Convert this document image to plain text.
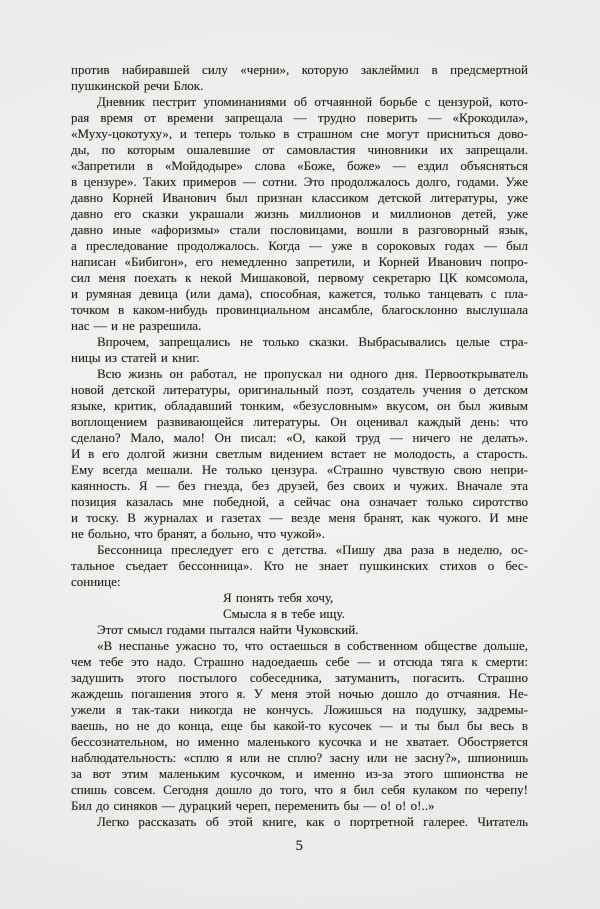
против набиравшей силу «черни», которую заклеймил в предсмертной
пушкинской речи Блок.
Дневник пестрит упоминаниями об отчаянной борьбе с цензурой, кото-
рая время от времени запрещала — трудно поверить — «Крокодила»,
«Муху-цокотуху», и теперь только в страшном сне могут присниться дово-
ды, по которым ошалевшие от самовластия чиновники их запрещали.
«Запретили в «Мойдодыре» слова «Боже, боже» — ездил объясняться
в цензуре». Таких примеров — сотни. Это продолжалось долго, годами. Уже
давно Корней Иванович был признан классиком детской литературы, уже
давно его сказки украшали жизнь миллионов и миллионов детей, уже
давно иные «афоризмы» стали пословицами, вошли в разговорный язык,
а преследование продолжалось. Когда — уже в сороковых годах — был
написан «Бибигон», его немедленно запретили, и Корней Иванович попро-
сил меня поехать к некой Мишаковой, первому секретарю ЦК комсомола,
и румяная девица (или дама), способная, кажется, только танцевать с пла-
точком в каком-нибудь провинциальном ансамбле, благосклонно выслушала
нас — и не разрешила.
Впрочем, запрещались не только сказки. Выбрасывались целые стра-
ницы из статей и книг.
Всю жизнь он работал, не пропускал ни одного дня. Первооткрыватель
новой детской литературы, оригинальный поэт, создатель учения о детском
языке, критик, обладавший тонким, «безусловным» вкусом, он был живым
воплощением развивающейся литературы. Он оценивал каждый день: что
сделано? Мало, мало! Он писал: «О, какой труд — ничего не делать».
И в его долгой жизни светлым видением встает не молодость, а старость.
Ему всегда мешали. Не только цензура. «Страшно чувствую свою непри-
каянность. Я — без гнезда, без друзей, без своих и чужих. Вначале эта
позиция казалась мне победной, а сейчас она означает только сиротство
и тоску. В журналах и газетах — везде меня бранят, как чужого. И мне
не больно, что бранят, а больно, что чужой».
Бессонница преследует его с детства. «Пишу два раза в неделю, ос-
тальное съедает бессонница». Кто не знает пушкинских стихов о бес-
соннице:
Я понять тебя хочу,
Смысла я в тебе ищу.
Этот смысл годами пытался найти Чуковский.
«В неспанье ужасно то, что остаешься в собственном обществе дольше,
чем тебе это надо. Страшно надоедаешь себе — и отсюда тяга к смерти:
задушить этого постылого собеседника, затуманить, погасить. Страшно
жаждешь погашения этого я. У меня этой ночью дошло до отчаяния. Не-
ужели я так-таки никогда не кончусь. Ложишься на подушку, задремы-
ваешь, но не до конца, еще бы какой-то кусочек — и ты был бы весь в
бессознательном, но именно маленького кусочка и не хватает. Обостряется
наблюдательность: «сплю я или не сплю? засну или не засну?», шпионишь
за вот этим маленьким кусочком, и именно из-за этого шпионства не
спишь совсем. Сегодня дошло до того, что я бил себя кулаком по черепу!
Бил до синяков — дурацкий череп, переменить бы — о! о! о!..»
Легко рассказать об этой книге, как о портретной галерее. Читатель
5
